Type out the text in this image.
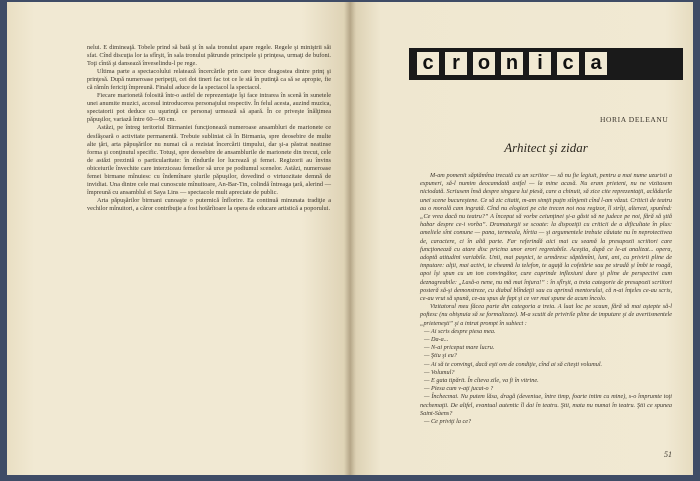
nelui. E dimineaţă. Tobele prind să bată şi în sala tronului apare regele. Regele şi miniştrii săi sfat. Cînd discuţia lor ia sfîrşit, în sala tronului pătrunde principele şi prinţesa, urmaţi de bufoni. Toţi cîntă şi dansează înveselindu-l pe rege.

Ultima parte a spectacolului relatează încercările prin care trece dragostea dintre prinţ şi prinţesă. După numeroase peripeţii, cei doi tineri fac tot ce le stă în putinţă ca să se apropie, fie că rămîn fericiţi împreună. Finalul aduce de la spectacol la spectacol.

Fiecare marionetă folosită într-o astfel de reprezentaţie îşi face intrarea în scenă în sunetele unei anumite muzici, accesul introducerea personajului respectiv. În felul acesta, auzind muzica, spectatorii pot deduce cu uşurinţă ce personaj urmează să apară. În ce priveşte înălţimea păpuşilor, variază între 60—90 cm.

Astăzi, pe întreg teritoriul Birmaniei funcţionează numeroase ansambluri de marionete ce desfăşoară o activitate permanentă. Trebuie subliniat că în Birmania, spre deosebire de multe alte ţări, arta păpuşărilor nu numai că a rezistat încercării timpului, dar şi-a păstrat neatinse forma şi conţinutul specific. Totuşi, spre deosebire de ansamblurile de marionete din trecut, cele de astăzi prezintă o particularitate: în rîndurile lor lucrează şi femei. Regizorii au învins obiceiurile învechite care interziceau femeilor să urce pe podiumul scenelor. Astăzi, numeroase femei birmane mînuiesc cu îndemînare şiurile păpuşilor, dovedind o virtuozitate demnă de invidiat. Una dintre cele mai cunoscute mînuitoare, An-Bar-Tin, colindă întreaga ţară, alerind — împreună cu ansamblul ei Saya Lins — spectacole mult apreciate de public.

Arta păpuşărilor birmani cunoaşte o puternică înflorire. Ea continuă minunata tradiţie a vechilor mînuitori, a căror contribuţie a fost hotărîtoare la opera de educare artistică a poporului.

c r o n i c a
HORIA DELEANU
Arhitect şi zidar

M-am pomenit săptămîna trecută cu un scriitor — să nu fie legiuit, pentru a mai nume uzurisii a expuneri, să-l numim deocamdată astfel — la mine acasă. Nu eram prieteni, nu ne vizitasem niciodată. Scriusem însă despre singura lui piesă, care a chinuit, să zice cite reprezentaţii, aclădurile unei scene bucureştene. Ce să zic citatit, m-am simţit puţin stînjenit cînd l-am văzut. Criticii de teatru au o morală cam ingrată. Cînd nu elogiezi pe cite trecen noi nou regizor, îl strîţi, alterezi, spunînd: „Ce vrea dacă nu teatru?” A început să vorbe ceiunţinei şi-a găsit să ne judece pe noi, fără să ştiă habar despre ce-i vorba”. Dramaturgii se scoate: la dispoziţii cu criticii de a dificultate în plus: ameliele sînt comune — pana, termeala, hîrtia — şi argumentele trebuie căutate nu în neprotectivea de, caractere, ci în altă parte. Far referindă aici mai cu seamă la presupozii scriitori care funcţionează cu atare disc pricina unor erori regretabile. Aceştia, după ce le-ai analizat... opera, adoptă atitudini variabile. Unii, mai paşnici, te urmăresc săptămîni, luni, ani, cu privirii pline de imputare: alţii, mai activi, te cheamă la telefon, te agaţă la cofetărie sau pe stradă şi îmbi te roagă, apoi îşi spun cu un ton convingător, cure cuprinde inflexiuni dure şi pline de perspectivi cum deznagreabile: „Lasă-o nene, nu mă mai înjura!” : în sfîrşit, a treia categorie de presupozii scriitori posteră să-şi demonstreze, cu diabal blîndeţii sau cu aprinsă mentorului, că n-ai înţeles ce-au scris, ce-au vrut să spună, ce-au spus de fapt şi ce ver mai spune de acum încolo.

Vizitatorul meu făcea parte din categoria a treia. A luat loc pe scaun, fără să mai aştepte să-l poftesc (nu obişnuia să se formalizeze). M-a scutit de privirile pline de imputare şi de avertismentele „prieteneşti” şi a intrat prompt în subiect :

— Ai scris despre piesa mea.

— Da-a...

— N-ai priceput mare lucru.

— Ştiu şi eu?

— Ai să te convingi, dacă eşti om de condiţie, cînd ai să citeşti volumul.

— Volumul?

— E gata tipărit. În cîteva zile, va fi în vitrine.

— Piesa cum v-aţi jucat-o ?

— Închecmai. Nu putem lăsa, dragă (deveniue, între timp, foarte intim cu mine), s-o împrumte toţi nechemaţii. De altfel, evantual autentic îl dai în teatru. Ştii, mata nu numai în teatru. Ştii ce spunea Saint-Sàens?

— Ce priviţi la ce?

51
